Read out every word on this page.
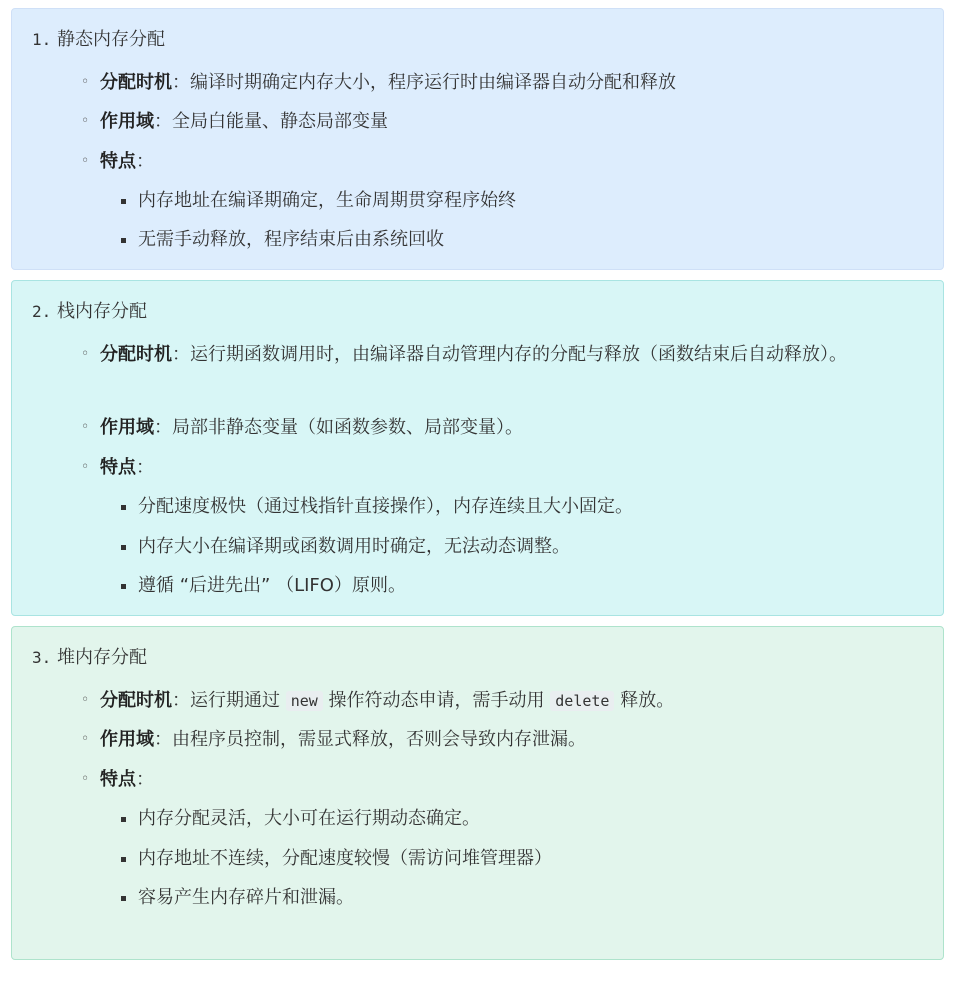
1. 静态内存分配
◦ 分配时机：编译时期确定内存大小，程序运行时由编译器自动分配和释放
◦ 作用域：全局白能量、静态局部变量
◦ 特点：
内存地址在编译期确定，生命周期贯穿程序始终
无需手动释放，程序结束后由系统回收
2. 栈内存分配
◦ 分配时机：运行期函数调用时，由编译器自动管理内存的分配与释放（函数结束后自动释放）。
◦ 作用域：局部非静态变量（如函数参数、局部变量）。
◦ 特点：
分配速度极快（通过栈指针直接操作），内存连续且大小固定。
内存大小在编译期或函数调用时确定，无法动态调整。
遵循 “后进先出” （LIFO）原则。
3. 堆内存分配
◦ 分配时机：运行期通过 new 操作符动态申请，需手动用 delete 释放。
◦ 作用域：由程序员控制，需显式释放，否则会导致内存泄漏。
◦ 特点：
内存分配灵活，大小可在运行期动态确定。
内存地址不连续，分配速度较慢（需访问堆管理器）
容易产生内存碎片和泄漏。
